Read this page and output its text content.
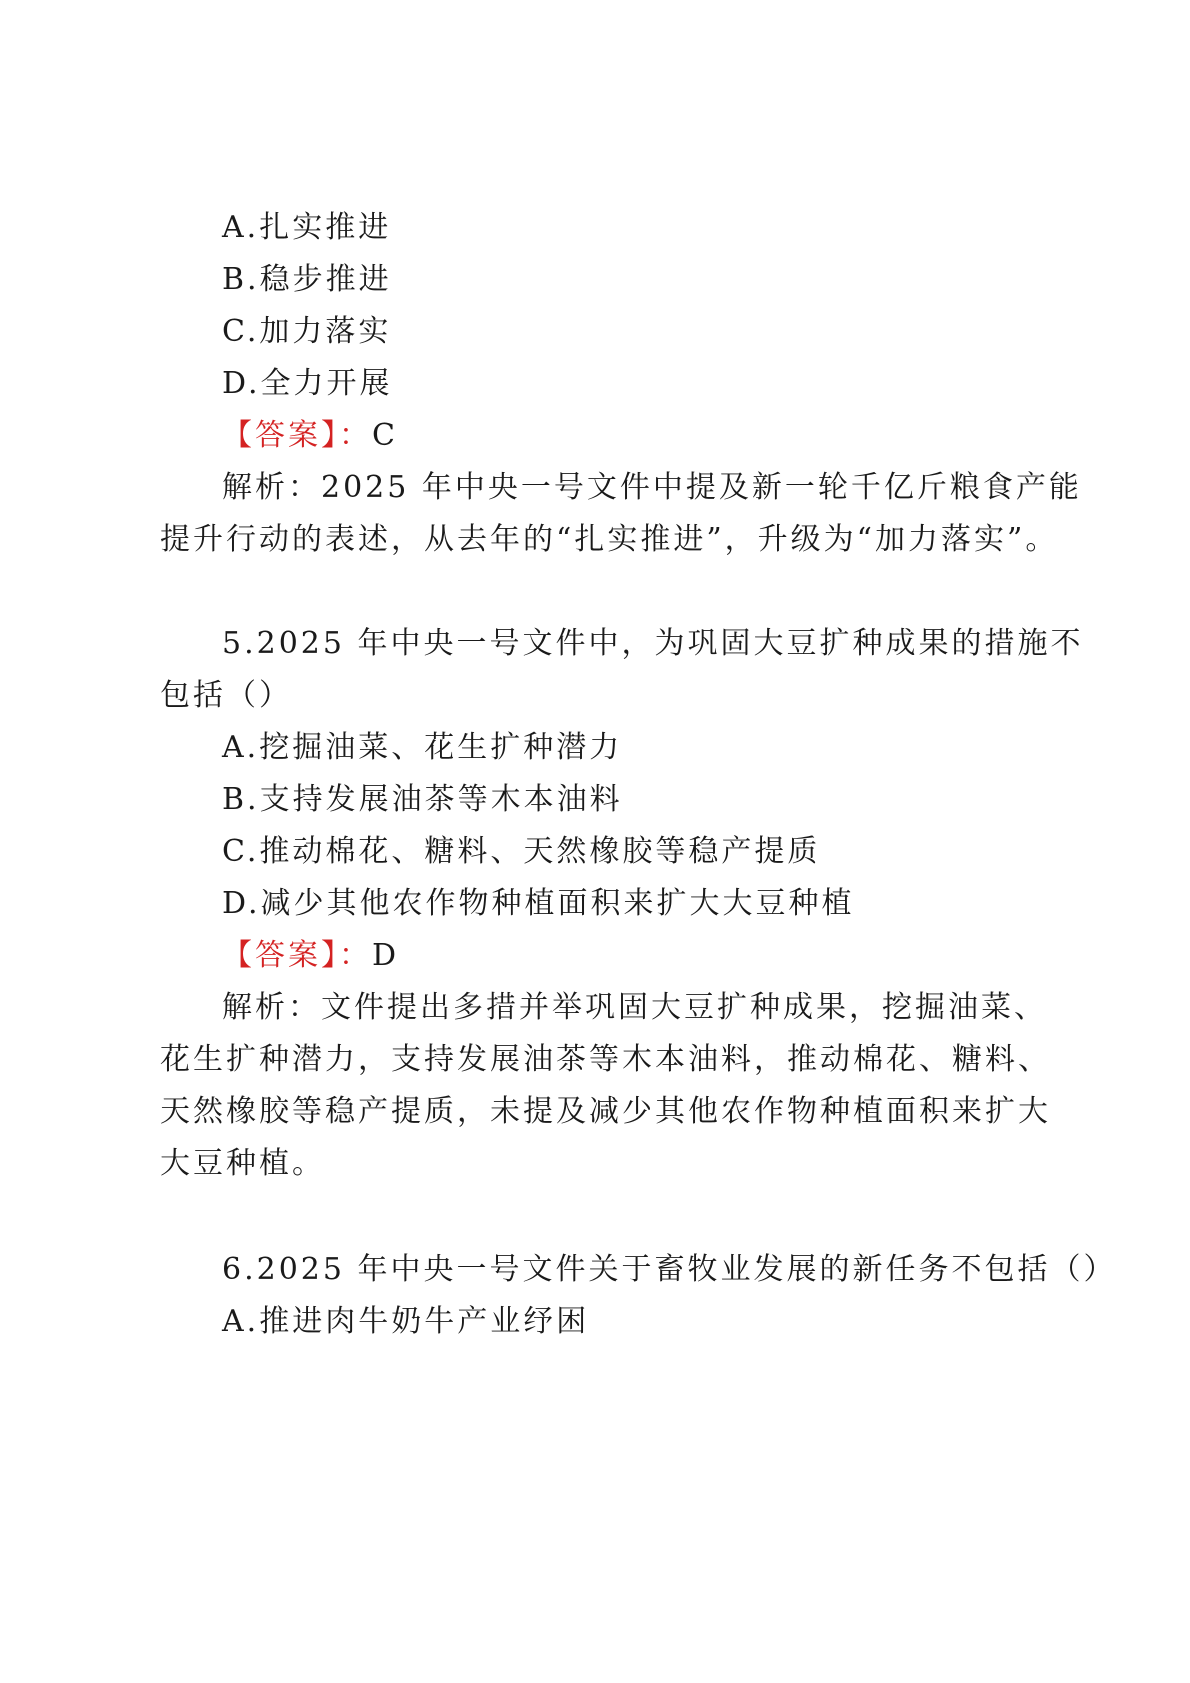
A.扎实推进
B.稳步推进
C.加力落实
D.全力开展
【答案】：C
解析：2025 年中央一号文件中提及新一轮千亿斤粮食产能
提升行动的表述，从去年的“扎实推进”，升级为“加力落实”。
5.2025 年中央一号文件中，为巩固大豆扩种成果的措施不
包括（）
A.挖掘油菜、花生扩种潜力
B.支持发展油茶等木本油料
C.推动棉花、糖料、天然橡胶等稳产提质
D.减少其他农作物种植面积来扩大大豆种植
【答案】：D
解析：文件提出多措并举巩固大豆扩种成果，挖掘油菜、
花生扩种潜力，支持发展油茶等木本油料，推动棉花、糖料、
天然橡胶等稳产提质，未提及减少其他农作物种植面积来扩大
大豆种植。
6.2025 年中央一号文件关于畜牧业发展的新任务不包括（）
A.推进肉牛奶牛产业纾困
